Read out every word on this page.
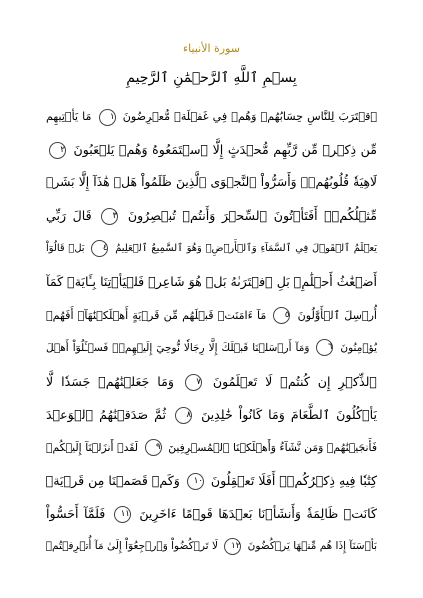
سورة الأنبياء
بِسۡمِ ٱللَّهِ ٱلرَّحۡمَٰنِ ٱلرَّحِيمِ
ٱقۡتَرَبَ لِلنَّاسِ حِسَابُهُمۡ وَهُمۡ فِي غَفۡلَةٖ مُّعۡرِضُونَ ١ مَا يَأۡتِيهِم
مِّن ذِكۡرٖ مِّن رَّبِّهِم مُّحۡدَثٍ إِلَّا ٱسۡتَمَعُوهُ وَهُمۡ يَلۡعَبُونَ ٢
لَاهِيَةٗ قُلُوبُهُمۡۗ وَأَسَرُّواْ ٱلنَّجۡوَى ٱلَّذِينَ ظَلَمُواْ هَلۡ هَٰذَآ إِلَّا بَشَرٞ
مِّثۡلُكُمۡۖ أَفَتَأۡتُونَ ٱلسِّحۡرَ وَأَنتُمۡ تُبۡصِرُونَ ٣ قَالَ رَبِّي
يَعۡلَمُ ٱلۡقَوۡلَ فِي ٱلسَّمَآءِ وَٱلۡأَرۡضِۖ وَهُوَ ٱلسَّمِيعُ ٱلۡعَلِيمُ ٤ بَلۡ قَالُوٓاْ
أَضۡغَٰثُ أَحۡلَٰمِۭ بَلِ ٱفۡتَرَىٰهُ بَلۡ هُوَ شَاعِرٞ فَلۡيَأۡتِنَا بِـَٔايَةٖ كَمَآ
أُرۡسِلَ ٱلۡأَوَّلُونَ ٥ مَآ ءَامَنَتۡ قَبۡلَهُم مِّن قَرۡيَةٍ أَهۡلَكۡنَٰهَآۖ أَفَهُمۡ
يُؤۡمِنُونَ ٦ وَمَآ أَرۡسَلۡنَا قَبۡلَكَ إِلَّا رِجَالٗا نُّوحِيٓ إِلَيۡهِمۡۖ فَسۡـَٔلُوٓاْ أَهۡلَ
ٱلذِّكۡرِ إِن كُنتُمۡ لَا تَعۡلَمُونَ ٧ وَمَا جَعَلۡنَٰهُمۡ جَسَدٗا لَّا
يَأۡكُلُونَ ٱلطَّعَامَ وَمَا كَانُواْ خَٰلِدِينَ ٨ ثُمَّ صَدَقۡنَٰهُمُ ٱلۡوَعۡدَ
فَأَنجَيۡنَٰهُمۡ وَمَن نَّشَآءُ وَأَهۡلَكۡنَا ٱلۡمُسۡرِفِينَ ٩ لَقَدۡ أَنزَلۡنَآ إِلَيۡكُمۡ
كِتَٰبٗا فِيهِ ذِكۡرُكُمۡۚ أَفَلَا تَعۡقِلُونَ ١٠ وَكَمۡ قَصَمۡنَا مِن قَرۡيَةٖ
كَانَتۡ ظَالِمَةٗ وَأَنشَأۡنَا بَعۡدَهَا قَوۡمًا ءَاخَرِينَ ١١ فَلَمَّآ أَحَسُّواْ
بَأۡسَنَآ إِذَا هُم مِّنۡهَا يَرۡكُضُونَ ١٢ لَا تَرۡكُضُواْ وَٱرۡجِعُوٓاْ إِلَىٰ مَآ أُتۡرِفۡتُمۡ
